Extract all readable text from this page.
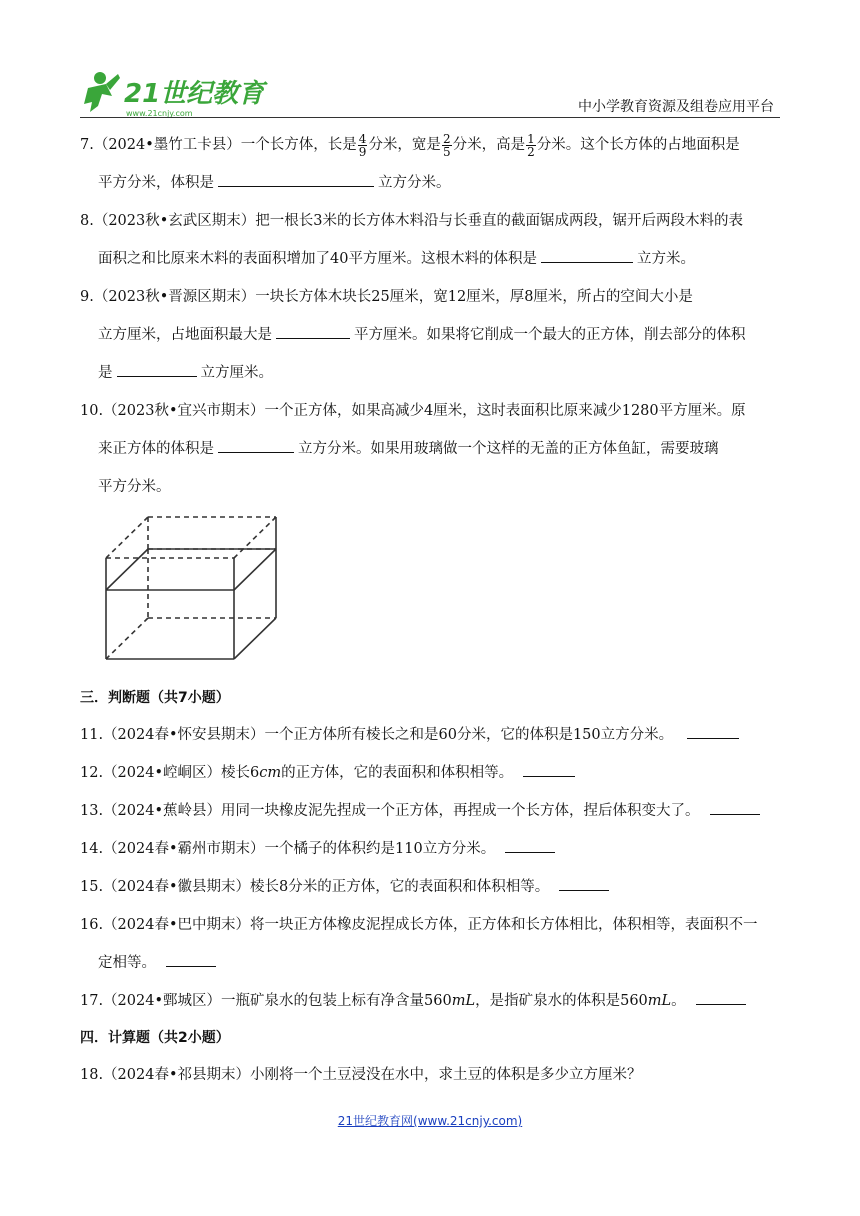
21世纪教育
www.21cnjy.com	中小学教育资源及组卷应用平台

7.（2024•墨竹工卡县）一个长方体，长是 $\frac{4}{9}$ 分米，宽是 $\frac{2}{5}$ 分米，高是 $\frac{1}{2}$ 分米。这个长方体的占地面积是
平方分米，体积是	立方分米。

8.（2023秋•玄武区期末）把一根长3米的长方体木料沿与长垂直的截面锯成两段，锯开后两段木料的表
面积之和比原来木料的表面积增加了40平方厘米。这根木料的体积是	立方米。

9.（2023秋•晋源区期末）一块长方体木块长25厘米，宽12厘米，厚8厘米，所占的空间大小是
立方厘米，占地面积最大是	平方厘米。如果将它削成一个最大的正方体，削去部分的体积
是	立方厘米。

10.（2023秋•宜兴市期末）一个正方体，如果高减少4厘米，这时表面积比原来减少1280平方厘米。原
来正方体的体积是	立方分米。如果用玻璃做一个这样的无盖的正方体鱼缸，需要玻璃
平方分米。

三．判断题（共7小题）

11.（2024春•怀安县期末）一个正方体所有棱长之和是60分米，它的体积是150立方分米。

12.（2024•崆峒区）棱长6cm的正方体，它的表面积和体积相等。

13.（2024•蕉岭县）用同一块橡皮泥先捏成一个正方体，再捏成一个长方体，捏后体积变大了。

14.（2024春•霸州市期末）一个橘子的体积约是110立方分米。

15.（2024春•徽县期末）棱长8分米的正方体，它的表面积和体积相等。

16.（2024春•巴中期末）将一块正方体橡皮泥捏成长方体，正方体和长方体相比，体积相等，表面积不一
定相等。

17.（2024•鄄城区）一瓶矿泉水的包装上标有净含量560mL，是指矿泉水的体积是560mL。

四．计算题（共2小题）

18.（2024春•祁县期末）小刚将一个土豆浸没在水中，求土豆的体积是多少立方厘米？

21世纪教育网(www.21cnjy.com)
